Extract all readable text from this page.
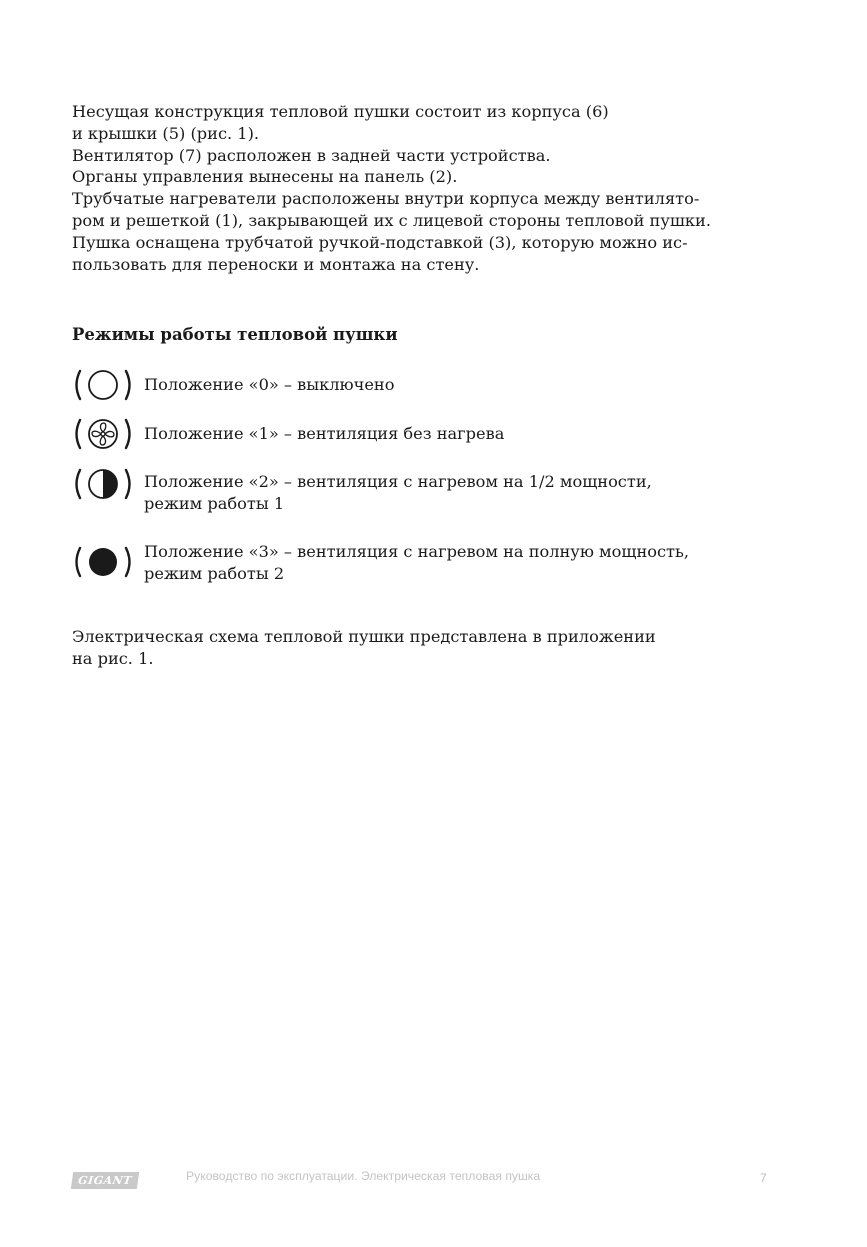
Несущая конструкция тепловой пушки состоит из корпуса (6)
и крышки (5) (рис. 1).
Вентилятор (7) расположен в задней части устройства.
Органы управления вынесены на панель (2).
Трубчатые нагреватели расположены внутри корпуса между вентилято-
ром и решеткой (1), закрывающей их с лицевой стороны тепловой пушки.
Пушка оснащена трубчатой ручкой-подставкой (3), которую можно ис-
пользовать для переноски и монтажа на стену.
Режимы работы тепловой пушки
Положение «0» – выключено
Положение «1» – вентиляция без нагрева
Положение «2» – вентиляция с нагревом на 1/2 мощности,
режим работы 1
Положение «3» – вентиляция с нагревом на полную мощность,
режим работы 2
Электрическая схема тепловой пушки представлена в приложении
на рис. 1.
GIGANT	Руководство по эксплуатации. Электрическая тепловая пушка	7
